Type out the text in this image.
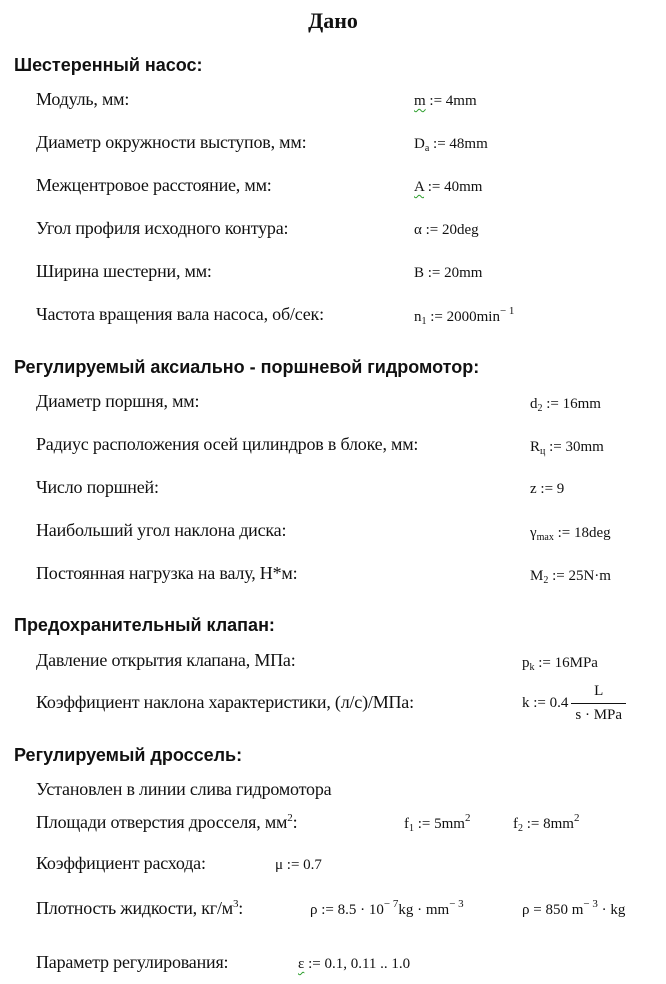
Дано
Шестеренный насос:
Модуль, мм:	m := 4mm
Диаметр окружности выступов, мм:	$D_a$ := 48mm
Межцентровое расстояние, мм:	A := 40mm
Угол профиля исходного контура:	α := 20deg
Ширина шестерни, мм:	B := 20mm
Частота вращения вала насоса, об/сек:	$n_1$ := $2000\min^{- 1}$
Регулируемый аксиально - поршневой гидромотор:
Диаметр поршня, мм:	$d_2$ := 16mm
Радиус расположения осей цилиндров в блоке, мм:	$R_ц$ := 30mm
Число поршней:	z := 9
Наибольший угол наклона диска:	$\gamma_{max}$ := 18deg
Постоянная нагрузка на валу, Н*м:	$M_2$ := 25N·m
Предохранительный клапан:
Давление открытия клапана, МПа:	$p_k$ := 16MPa
Коэффициент наклона характеристики, (л/с)/МПа:	k := $0.4 \frac{L}{\text{s · MPa}}$
Регулируемый дроссель:
Установлен в линии слива гидромотора
Площади отверстия дросселя, $мм^2$:	$f_1$ := $5mm^2$	$f_2$ := $8mm^2$
Коэффициент расхода:	μ := 0.7
Плотность жидкости, $кг/м^3$:	ρ := $8.5 \cdot 10^{- 7}kg \cdot mm^{- 3}$	ρ = 850 $m^{- 3}$ · kg
Параметр регулирования:	ε := 0.1, 0.11 .. 1.0
